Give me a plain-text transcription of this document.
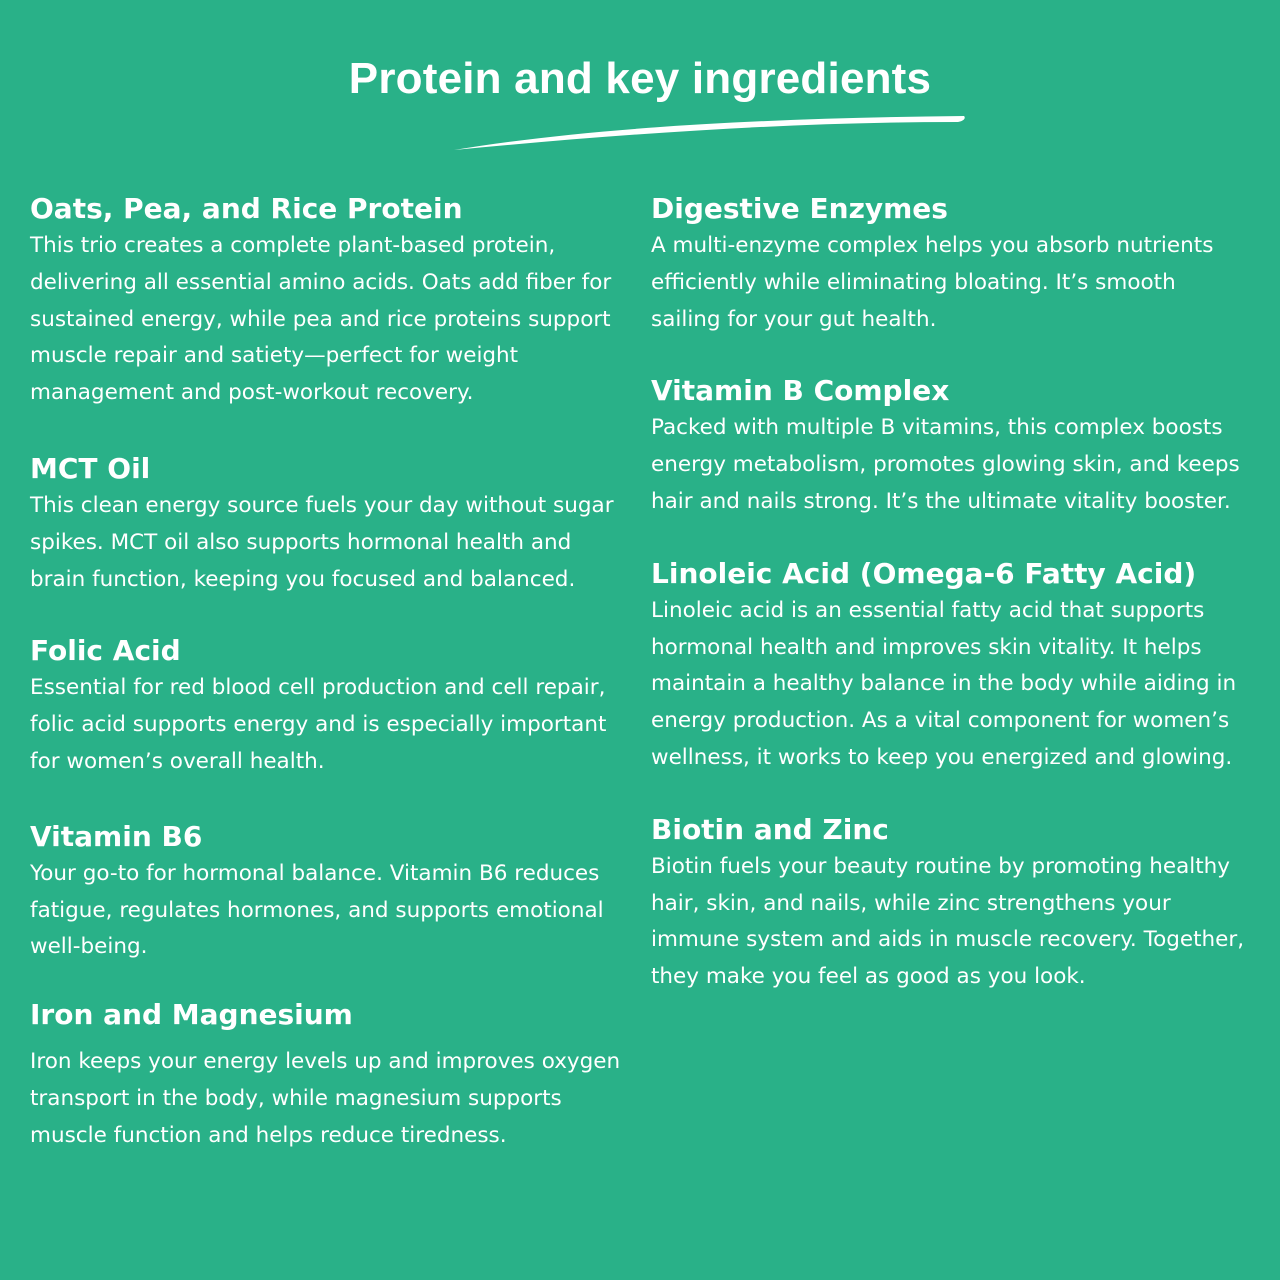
Protein and key ingredients
Oats, Pea, and Rice Protein

This trio creates a complete plant-based protein, delivering all essential amino acids. Oats add fiber for sustained energy, while pea and rice proteins support muscle repair and satiety—perfect for weight management and post-workout recovery.

MCT Oil

This clean energy source fuels your day without sugar spikes. MCT oil also supports hormonal health and brain function, keeping you focused and balanced.

Folic Acid

Essential for red blood cell production and cell repair, folic acid supports energy and is especially important for women’s overall health.

Vitamin B6

Your go-to for hormonal balance. Vitamin B6 reduces fatigue, regulates hormones, and supports emotional well-being.

Iron and Magnesium

Iron keeps your energy levels up and improves oxygen transport in the body, while magnesium supports muscle function and helps reduce tiredness.

Digestive Enzymes

A multi-enzyme complex helps you absorb nutrients efficiently while eliminating bloating. It’s smooth sailing for your gut health.

Vitamin B Complex

Packed with multiple B vitamins, this complex boosts energy metabolism, promotes glowing skin, and keeps hair and nails strong. It’s the ultimate vitality booster.

Linoleic Acid (Omega-6 Fatty Acid)

Linoleic acid is an essential fatty acid that supports hormonal health and improves skin vitality. It helps maintain a healthy balance in the body while aiding in energy production. As a vital component for women’s wellness, it works to keep you energized and glowing.

Biotin and Zinc

Biotin fuels your beauty routine by promoting healthy hair, skin, and nails, while zinc strengthens your immune system and aids in muscle recovery. Together, they make you feel as good as you look.
